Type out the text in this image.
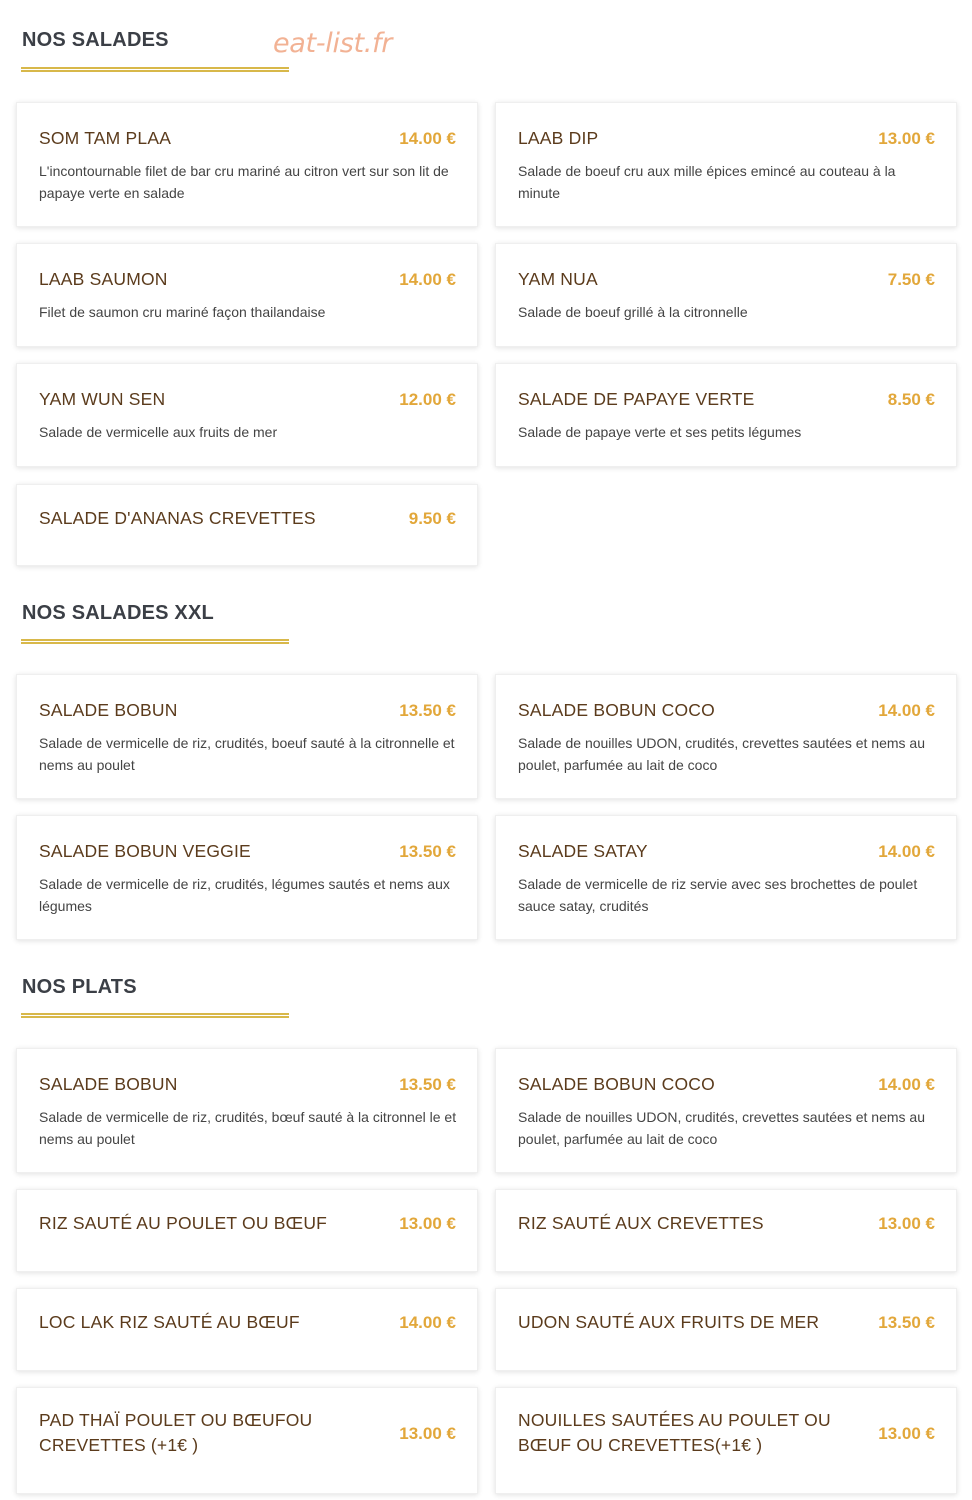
eat-list.fr
NOS SALADES
SOM TAM PLAA	14.00 €
L'incontournable filet de bar cru mariné au citron vert sur son lit de papaye verte en salade
LAAB DIP	13.00 €
Salade de boeuf cru aux mille épices emincé au couteau à la minute
LAAB SAUMON	14.00 €
Filet de saumon cru mariné façon thailandaise
YAM NUA	7.50 €
Salade de boeuf grillé à la citronnelle
YAM WUN SEN	12.00 €
Salade de vermicelle aux fruits de mer
SALADE DE PAPAYE VERTE	8.50 €
Salade de papaye verte et ses petits légumes
SALADE D'ANANAS CREVETTES	9.50 €
NOS SALADES XXL
SALADE BOBUN	13.50 €
Salade de vermicelle de riz, crudités, boeuf sauté à la citronnelle et nems au poulet
SALADE BOBUN COCO	14.00 €
Salade de nouilles UDON, crudités, crevettes sautées et nems au poulet, parfumée au lait de coco
SALADE BOBUN VEGGIE	13.50 €
Salade de vermicelle de riz, crudités, légumes sautés et nems aux légumes
SALADE SATAY	14.00 €
Salade de vermicelle de riz servie avec ses brochettes de poulet sauce satay, crudités
NOS PLATS
SALADE BOBUN	13.50 €
Salade de vermicelle de riz, crudités, bœuf sauté à la citronnel le et nems au poulet
SALADE BOBUN COCO	14.00 €
Salade de nouilles UDON, crudités, crevettes sautées et nems au poulet, parfumée au lait de coco
RIZ SAUTÉ AU POULET OU BŒUF	13.00 €	RIZ SAUTÉ AUX CREVETTES	13.00 €
LOC LAK RIZ SAUTÉ AU BŒUF	14.00 €	UDON SAUTÉ AUX FRUITS DE MER	13.50 €
PAD THAÏ POULET OU BŒUFOU CREVETTES (+1€ )
13.00 €
NOUILLES SAUTÉES AU POULET OU BŒUF OU CREVETTES(+1€ )
13.00 €
